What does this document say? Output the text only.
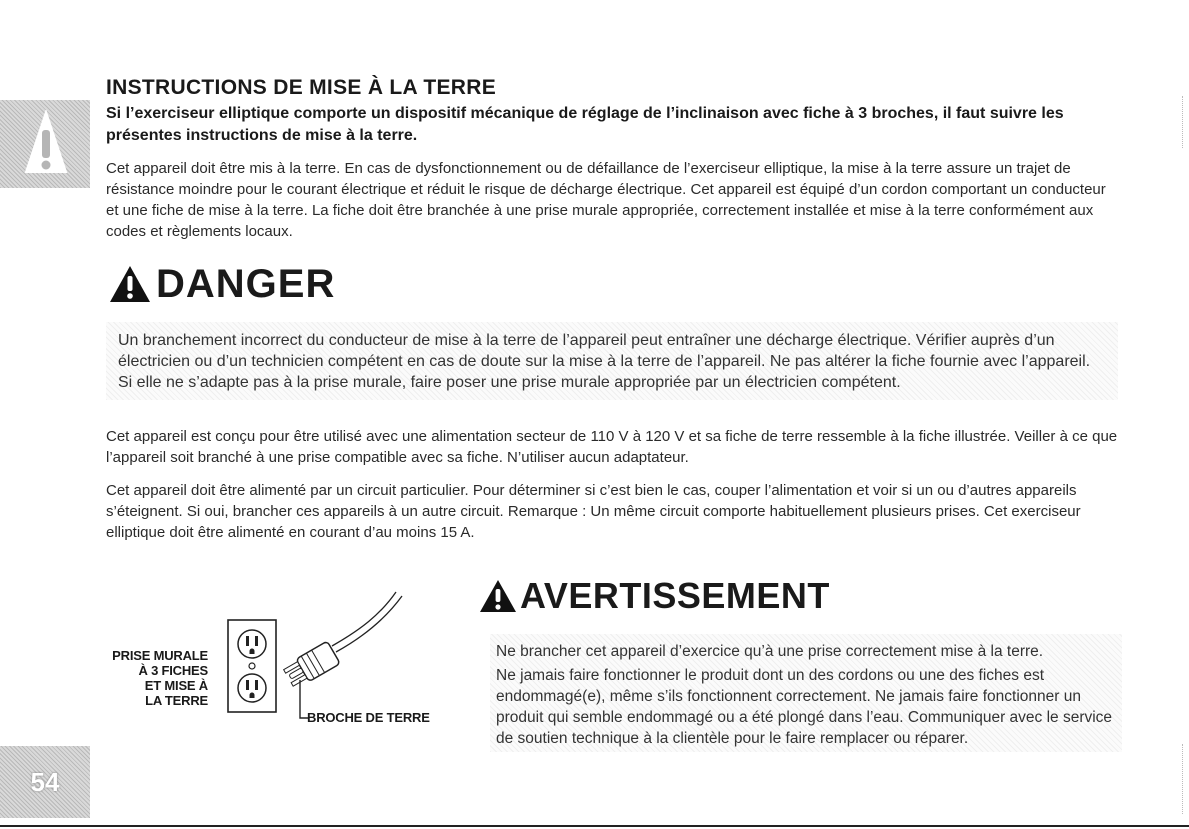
INSTRUCTIONS DE MISE À LA TERRE

Si l’exerciseur elliptique comporte un dispositif mécanique de réglage de l’inclinaison avec fiche à 3 broches, il faut suivre les présentes instructions de mise à la terre.

Cet appareil doit être mis à la terre. En cas de dysfonctionnement ou de défaillance de l’exerciseur elliptique, la mise à la terre assure un trajet de résistance moindre pour le courant électrique et réduit le risque de décharge électrique. Cet appareil est équipé d’un cordon comportant un conducteur et une fiche de mise à la terre. La fiche doit être branchée à une prise murale appropriée, correctement installée et mise à la terre conformément aux codes et règlements locaux.

DANGER

Un branchement incorrect du conducteur de mise à la terre de l’appareil peut entraîner une décharge électrique. Vérifier auprès d’un électricien ou d’un technicien compétent en cas de doute sur la mise à la terre de l’appareil. Ne pas altérer la fiche fournie avec l’appareil. Si elle ne s’adapte pas à la prise murale, faire poser une prise murale appropriée par un électricien compétent.

Cet appareil est conçu pour être utilisé avec une alimentation secteur de 110 V à 120 V et sa fiche de terre ressemble à la fiche illustrée. Veiller à ce que l’appareil soit branché à une prise compatible avec sa fiche. N’utiliser aucun adaptateur.

Cet appareil doit être alimenté par un circuit particulier. Pour déterminer si c’est bien le cas, couper l’alimentation et voir si un ou d’autres appareils s’éteignent. Si oui, brancher ces appareils à un autre circuit. Remarque : Un même circuit comporte habituellement plusieurs prises. Cet exerciseur elliptique doit être alimenté en courant d’au moins 15 A.

PRISE MURALE
À 3 FICHES
ET MISE À
LA TERRE
BROCHE DE TERRE
AVERTISSEMENT

Ne brancher cet appareil d’exercice qu’à une prise correctement mise à la terre.

Ne jamais faire fonctionner le produit dont un des cordons ou une des fiches est endommagé(e), même s’ils fonctionnent correctement. Ne jamais faire fonctionner un produit qui semble endommagé ou a été plongé dans l’eau. Communiquer avec le service de soutien technique à la clientèle pour le faire remplacer ou réparer.

54
